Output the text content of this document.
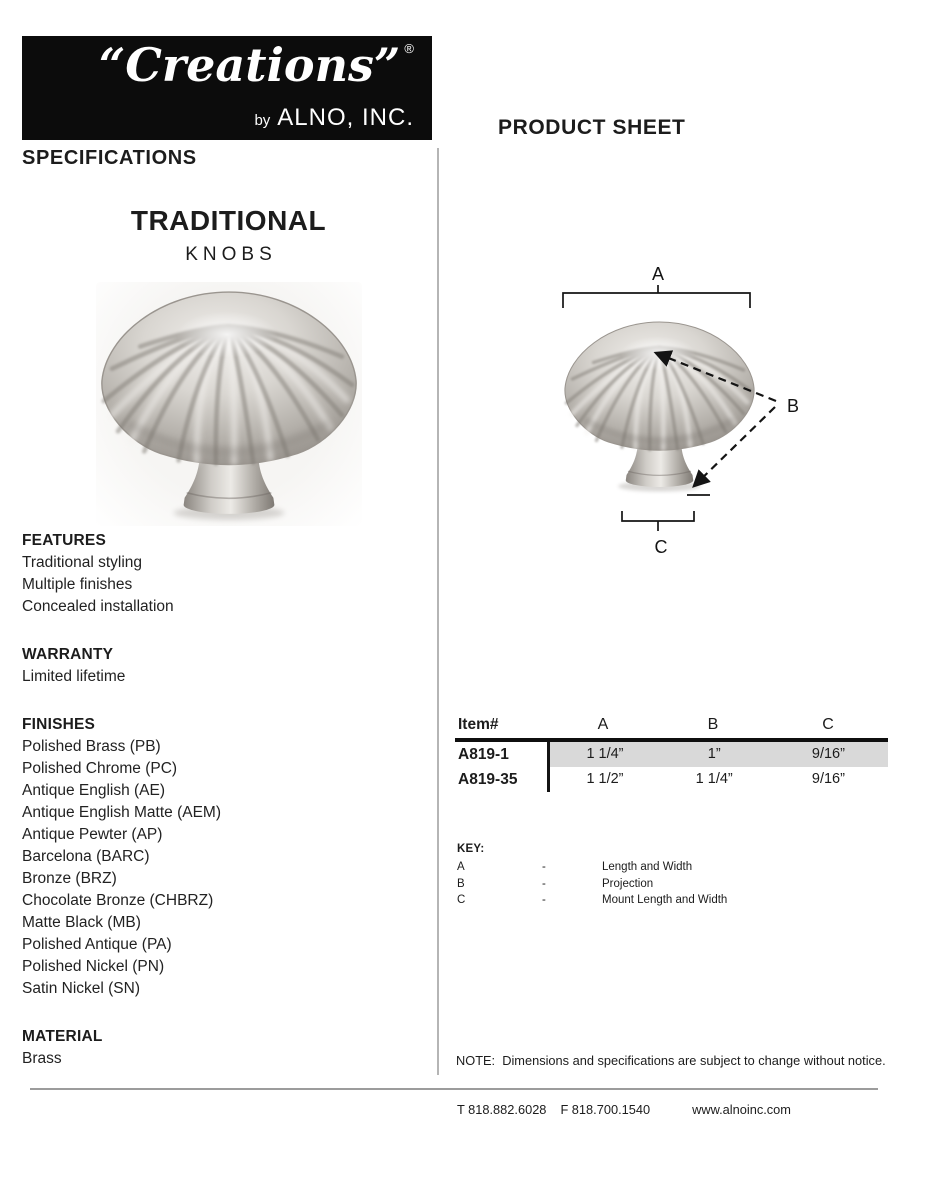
“Creations” ®
by ALNO, INC.
SPECIFICATIONS
PRODUCT SHEET
TRADITIONAL
KNOBS
FEATURES
Traditional styling
Multiple finishes
Concealed installation
WARRANTY
Limited lifetime
FINISHES
Polished Brass (PB)
Polished Chrome (PC)
Antique English (AE)
Antique English Matte (AEM)
Antique Pewter (AP)
Barcelona (BARC)
Bronze (BRZ)
Chocolate Bronze (CHBRZ)
Matte Black (MB)
Polished Antique (PA)
Polished Nickel (PN)
Satin Nickel (SN)
MATERIAL
Brass
A
B
C
Item#	A	B	C
A819-1	1 1/4”	1”	9/16”
A819-35	1 1/2”	1 1/4”	9/16”
KEY:
A	-	Length and Width
B	-	Projection
C	-	Mount Length and Width
NOTE:  Dimensions and specifications are subject to change without notice.
T 818.882.6028 F 818.700.1540	www.alnoinc.com
